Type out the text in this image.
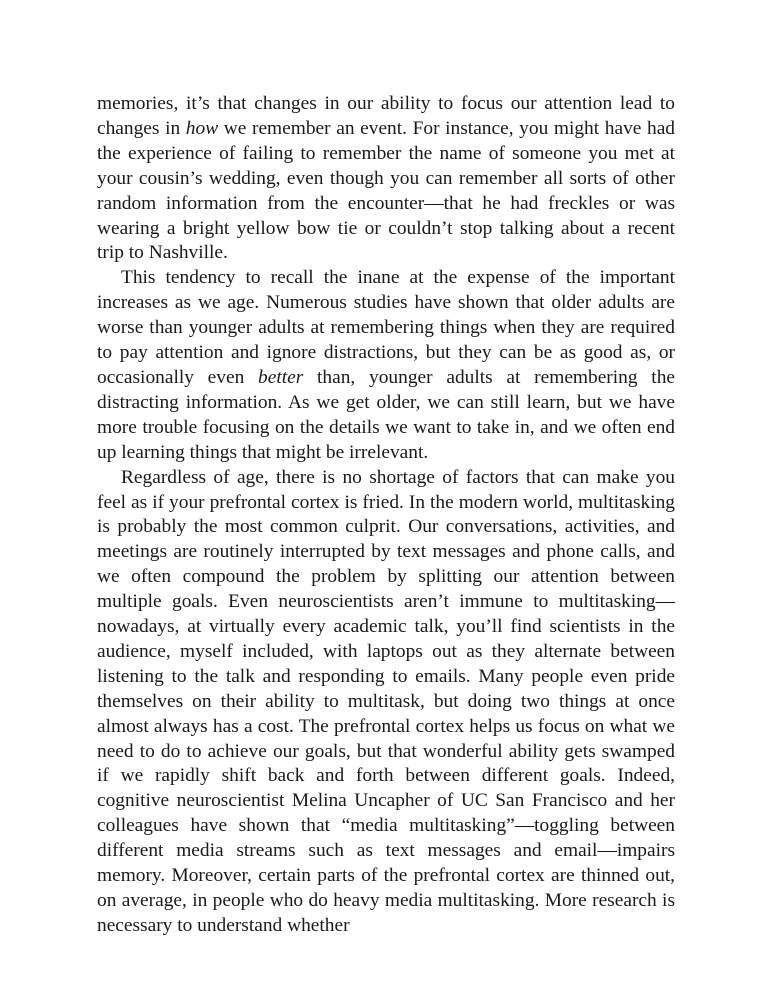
memories, it’s that changes in our ability to focus our attention lead to changes in how we remember an event. For instance, you might have had the experience of failing to remember the name of someone you met at your cousin’s wedding, even though you can remember all sorts of other random information from the encounter—that he had freckles or was wearing a bright yellow bow tie or couldn’t stop talking about a recent trip to Nashville.

This tendency to recall the inane at the expense of the important increases as we age. Numerous studies have shown that older adults are worse than younger adults at remembering things when they are required to pay attention and ignore distractions, but they can be as good as, or occasionally even better than, younger adults at remembering the distracting information. As we get older, we can still learn, but we have more trouble focusing on the details we want to take in, and we often end up learning things that might be irrelevant.

Regardless of age, there is no shortage of factors that can make you feel as if your prefrontal cortex is fried. In the modern world, multitasking is probably the most common culprit. Our conversations, activities, and meetings are routinely interrupted by text messages and phone calls, and we often compound the problem by splitting our attention between multiple goals. Even neuroscientists aren’t immune to multitasking—nowadays, at virtually every academic talk, you’ll find scientists in the audience, myself included, with laptops out as they alternate between listening to the talk and responding to emails. Many people even pride themselves on their ability to multitask, but doing two things at once almost always has a cost. The prefrontal cortex helps us focus on what we need to do to achieve our goals, but that wonderful ability gets swamped if we rapidly shift back and forth between different goals. Indeed, cognitive neuroscientist Melina Uncapher of UC San Francisco and her colleagues have shown that “media multitasking”—toggling between different media streams such as text messages and email—impairs memory. Moreover, certain parts of the prefrontal cortex are thinned out, on average, in people who do heavy media multitasking. More research is necessary to understand whether
